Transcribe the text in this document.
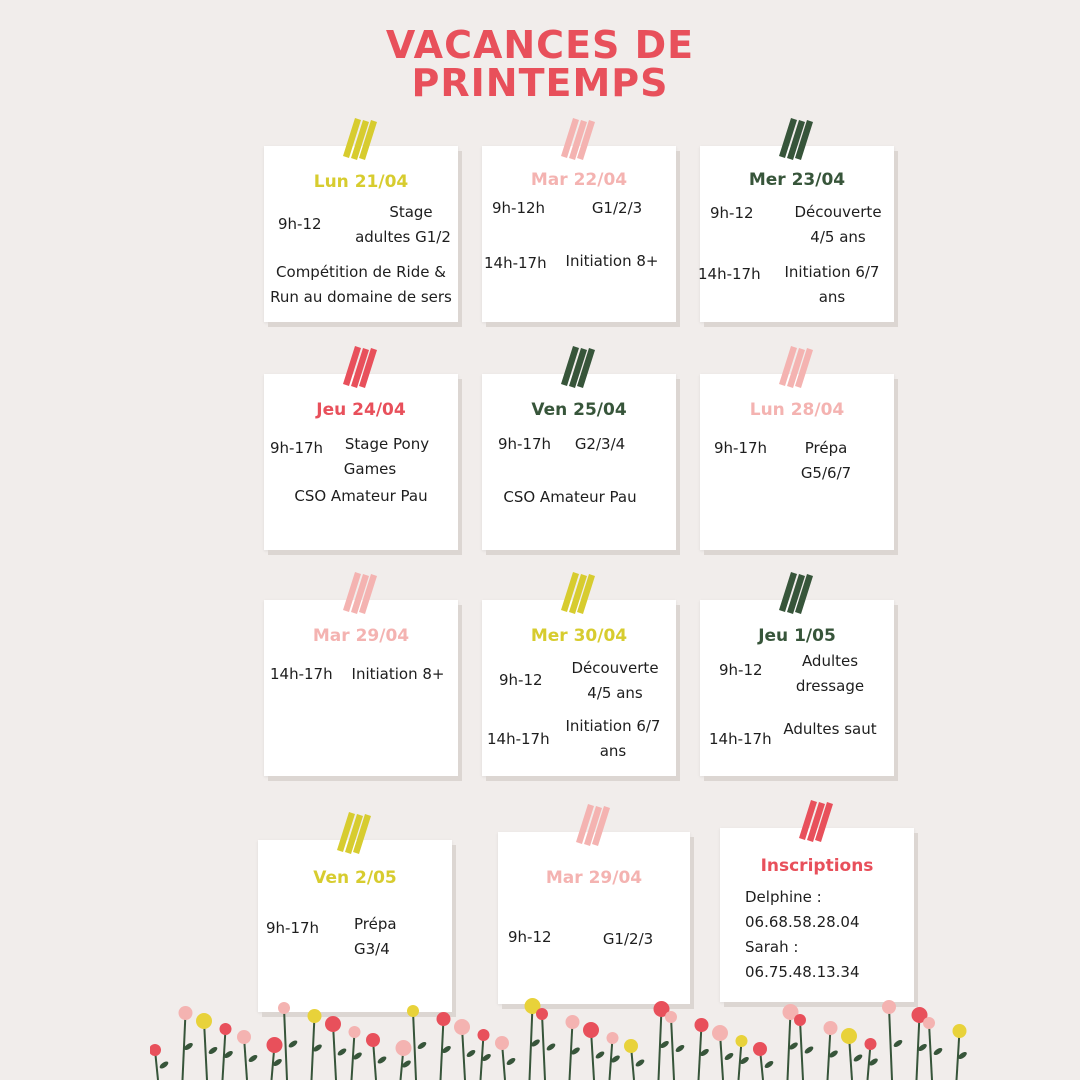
VACANCES DE
PRINTEMPS
Lun 21/04
9h-12
Stage
adultes G1/2
Compétition de Ride &
Run au domaine de sers
Mar 22/04
9h-12h	G1/2/3
14h-17h Initiation 8+
Mer 23/04
9h-12	Découverte
4/5 ans
14h-17h	Initiation 6/7
ans
Jeu 24/04
9h-17h	Stage Pony
Games
CSO Amateur Pau
Ven 25/04
9h-17h	G2/3/4
CSO Amateur Pau
Lun 28/04
9h-17h	Prépa
G5/6/7
Mar 29/04
14h-17h Initiation 8+
Mer 30/04
9h-12
Découverte
4/5 ans
14h-17h
Initiation 6/7
ans
Jeu 1/05
9h-12	Adultes
dressage
14h-17h
Adultes saut
Ven 2/05
9h-17h Prépa
G3/4
Mar 29/04
9h-12	G1/2/3
Inscriptions
Delphine :
06.68.58.28.04
Sarah :
06.75.48.13.34
